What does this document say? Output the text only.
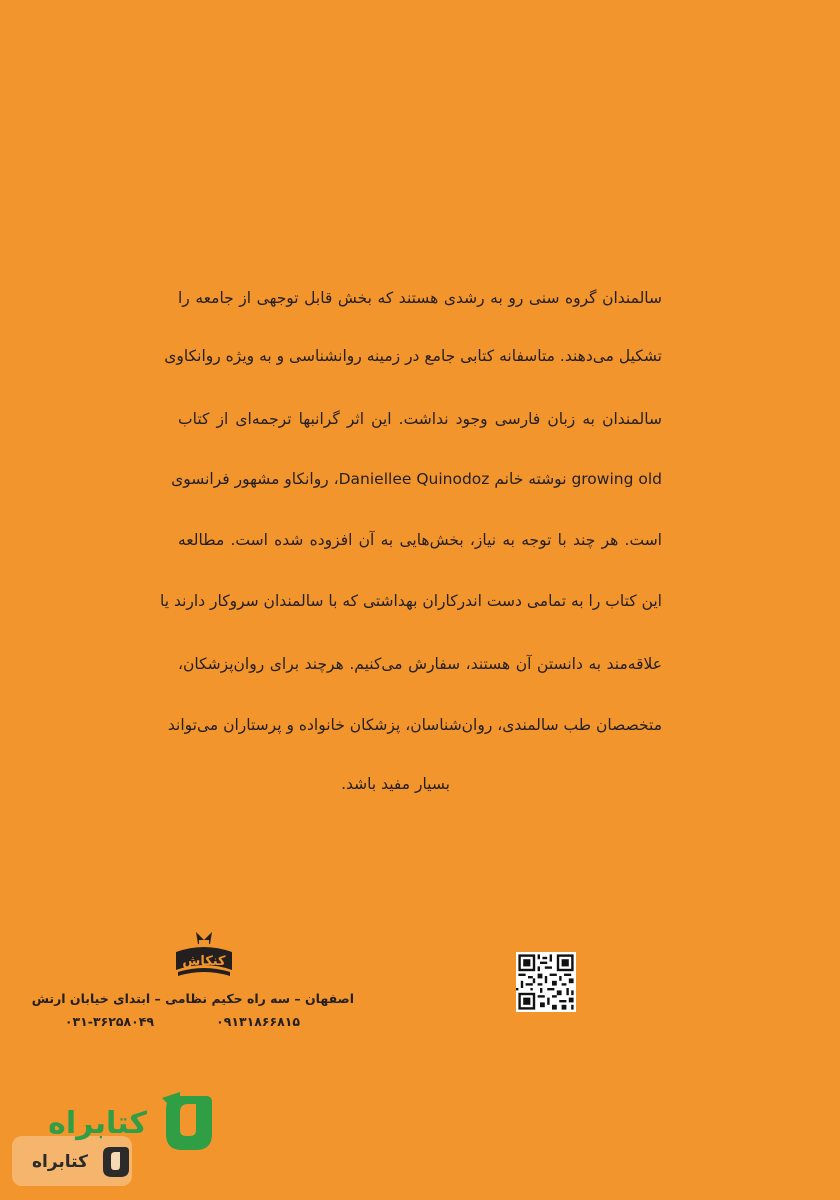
سالمندان گروه سنی رو به رشدی هستند که بخش قابل توجهی از جامعه را
تشکیل می‌دهند. متاسفانه کتابی جامع در زمینه روانشناسی و به ویژه روانکاوی
سالمندان به زبان فارسی وجود نداشت. این اثر گرانبها ترجمه‌ای از کتاب
growing old نوشته خانم Daniellee Quinodoz، روانکاو مشهور فرانسوی
است. هر چند با توجه به نیاز، بخش‌هایی به آن افزوده شده است. مطالعه
این کتاب را به تمامی دست اندرکاران بهداشتی که با سالمندان سروکار دارند یا
علاقه‌مند به دانستن آن هستند، سفارش می‌کنیم. هرچند برای روان‌پزشکان،
متخصصان طب سالمندی، روان‌شناسان، پزشکان خانواده و پرستاران می‌تواند
بسیار مفید باشد.
کنکاش
اصفهان – سه راه حکیم نظامی – ابتدای خیابان ارتش
۰۹۱۳۱۸۶۶۸۱۵
۰۳۱-۳۶۲۵۸۰۴۹
کتابراه
کتابراه
